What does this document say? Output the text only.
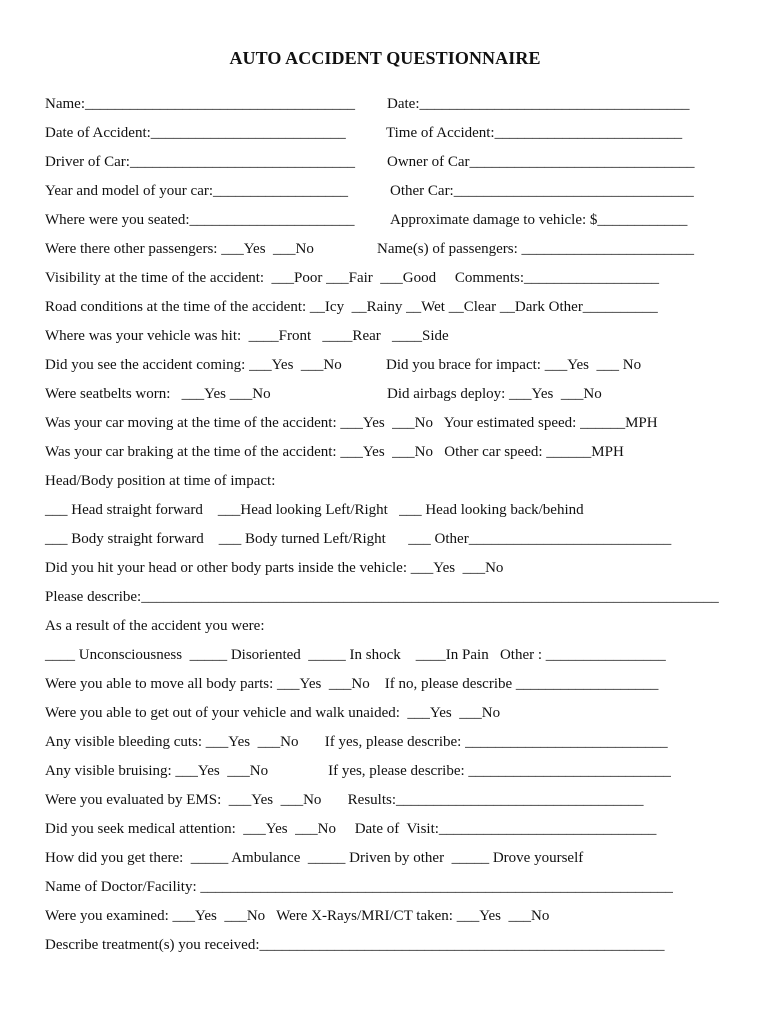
AUTO ACCIDENT QUESTIONNAIRE
Name:____________________________________ Date:____________________________________
Date of Accident:__________________________	Time of Accident:_________________________
Driver of Car:______________________________ Owner of Car______________________________
Year and model of your car:__________________	Other Car:________________________________
Where were you seated:______________________ Approximate damage to vehicle: $____________
Were there other passengers: ___Yes  ___No	Name(s) of passengers: _______________________
Visibility at the time of the accident:  ___Poor ___Fair  ___Good     Comments:__________________
Road conditions at the time of the accident: __Icy  __Rainy __Wet __Clear __Dark Other__________
Where was your vehicle was hit:  ____Front   ____Rear   ____Side
Did you see the accident coming: ___Yes  ___No	Did you brace for impact: ___Yes  ___ No
Were seatbelts worn:   ___Yes ___No	Did airbags deploy: ___Yes  ___No
Was your car moving at the time of the accident: ___Yes  ___No   Your estimated speed: ______MPH
Was your car braking at the time of the accident: ___Yes  ___No   Other car speed: ______MPH
Head/Body position at time of impact:
___ Head straight forward    ___Head looking Left/Right   ___ Head looking back/behind
___ Body straight forward    ___ Body turned Left/Right      ___ Other___________________________
Did you hit your head or other body parts inside the vehicle: ___Yes  ___No
Please describe:_____________________________________________________________________________
As a result of the accident you were:
____ Unconsciousness  _____ Disoriented  _____ In shock    ____In Pain   Other : ________________
Were you able to move all body parts: ___Yes  ___No    If no, please describe ___________________
Were you able to get out of your vehicle and walk unaided:  ___Yes  ___No
Any visible bleeding cuts: ___Yes  ___No       If yes, please describe: ___________________________
Any visible bruising: ___Yes  ___No                If yes, please describe: ___________________________
Were you evaluated by EMS:  ___Yes  ___No       Results:_________________________________
Did you seek medical attention:  ___Yes  ___No     Date of  Visit:_____________________________
How did you get there:  _____ Ambulance  _____ Driven by other  _____ Drove yourself
Name of Doctor/Facility: _______________________________________________________________
Were you examined: ___Yes  ___No   Were X-Rays/MRI/CT taken: ___Yes  ___No
Describe treatment(s) you received:______________________________________________________
